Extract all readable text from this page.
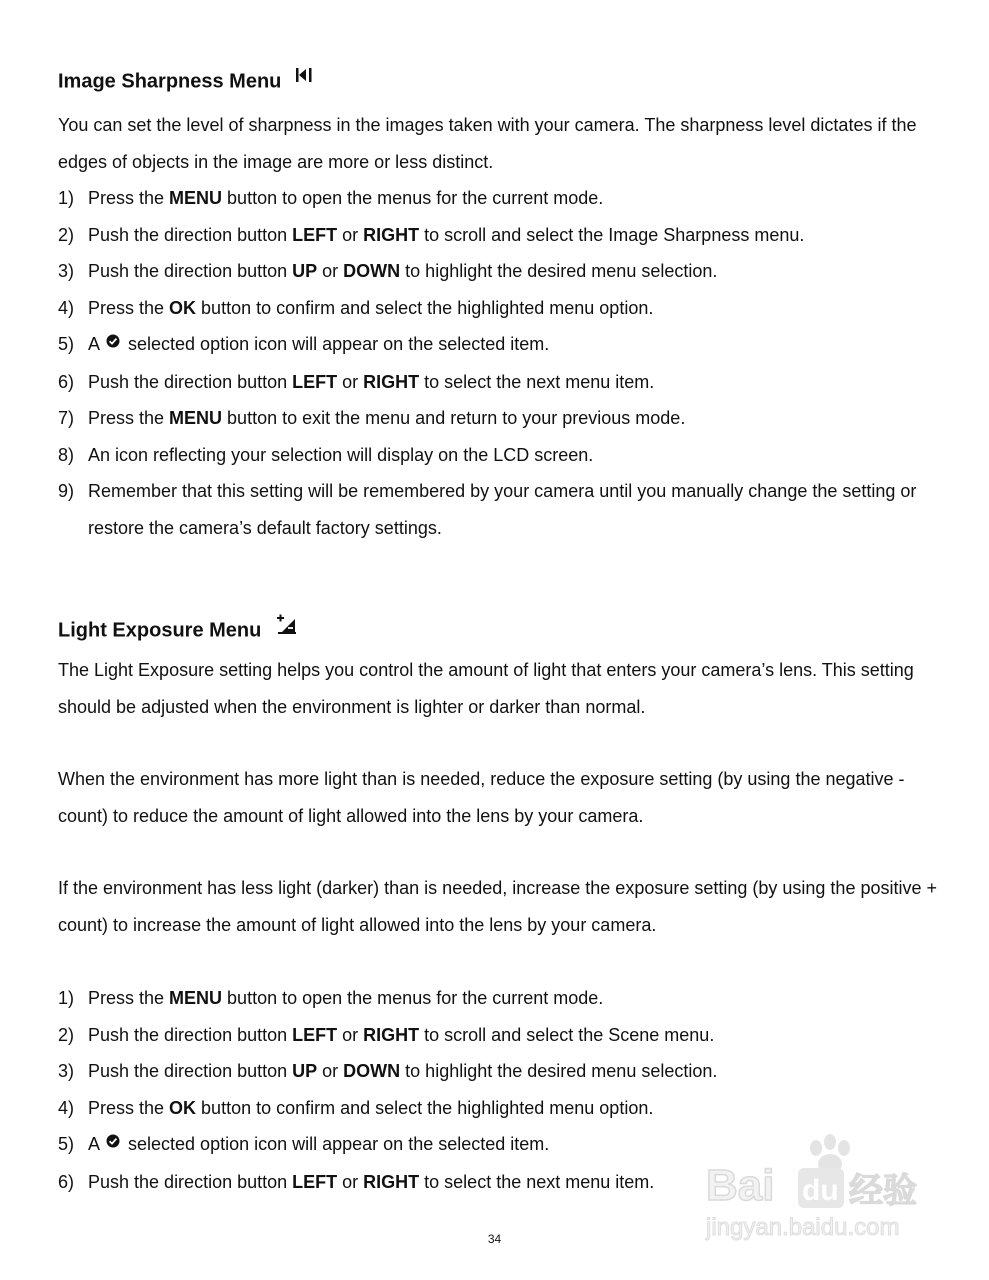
Image Sharpness Menu

You can set the level of sharpness in the images taken with your camera. The sharpness level dictates if the edges of objects in the image are more or less distinct.

1) Press the MENU button to open the menus for the current mode.
2) Push the direction button LEFT or RIGHT to scroll and select the Image Sharpness menu.
3) Push the direction button UP or DOWN to highlight the desired menu selection.
4) Press the OK button to confirm and select the highlighted menu option.
5) A selected option icon will appear on the selected item.
6) Push the direction button LEFT or RIGHT to select the next menu item.
7) Press the MENU button to exit the menu and return to your previous mode.
8) An icon reflecting your selection will display on the LCD screen.
9) Remember that this setting will be remembered by your camera until you manually change the setting or restore the camera’s default factory settings.
Light Exposure Menu

The Light Exposure setting helps you control the amount of light that enters your camera’s lens. This setting should be adjusted when the environment is lighter or darker than normal.

When the environment has more light than is needed, reduce the exposure setting (by using the negative - count) to reduce the amount of light allowed into the lens by your camera.

If the environment has less light (darker) than is needed, increase the exposure setting (by using the positive + count) to increase the amount of light allowed into the lens by your camera.

1) Press the MENU button to open the menus for the current mode.
2) Push the direction button LEFT or RIGHT to scroll and select the Scene menu.
3) Push the direction button UP or DOWN to highlight the desired menu selection.
4) Press the OK button to confirm and select the highlighted menu option.
5) A selected option icon will appear on the selected item.
6) Push the direction button LEFT or RIGHT to select the next menu item.
34
Bai du 经验
jingyan.baidu.com
